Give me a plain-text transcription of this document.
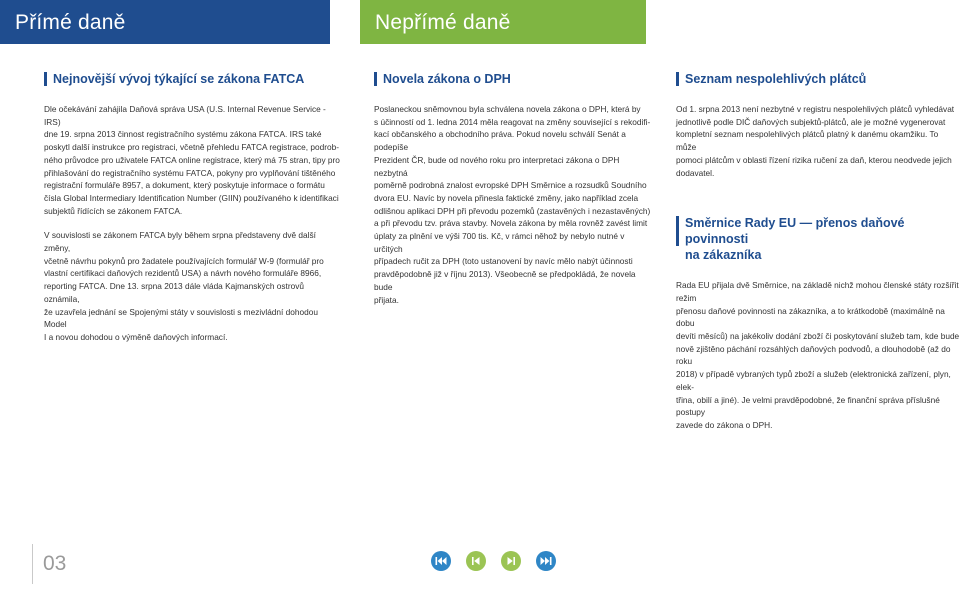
Přímé daně	Nepřímé daně
Nejnovější vývoj týkající se zákona FATCA
Dle očekávání zahájila Daňová správa USA (U.S. Internal Revenue Service - IRS)
dne 19. srpna 2013 činnost registračního systému zákona FATCA. IRS také
poskytl další instrukce pro registraci, včetně přehledu FATCA registrace, podrob-
ného průvodce pro uživatele FATCA online registrace, který má 75 stran, tipy pro
přihlašování do registračního systému FATCA, pokyny pro vyplňování tištěného
registrační formuláře 8957, a dokument, který poskytuje informace o formátu
čísla Global Intermediary Identification Number (GIIN) používaného k identifikaci
subjektů řídících se zákonem FATCA.
V souvislosti se zákonem FATCA byly během srpna představeny dvě další změny,
včetně návrhu pokynů pro žadatele používajících formulář W-9 (formulář pro
vlastní certifikaci daňových rezidentů USA) a návrh nového formuláře 8966,
reporting FATCA. Dne 13. srpna 2013 dále vláda Kajmanských ostrovů oznámila,
že uzavřela jednání se Spojenými státy v souvislosti s mezivládní dohodou Model
I a novou dohodou o výměně daňových informací.
Novela zákona o DPH
Poslaneckou sněmovnou byla schválena novela zákona o DPH, která by
s účinností od 1. ledna 2014 měla reagovat na změny související s rekodifi-
kací občanského a obchodního práva. Pokud novelu schválí Senát a podepíše
Prezident ČR, bude od nového roku pro interpretaci zákona o DPH nezbytná
poměrně podrobná znalost evropské DPH Směrnice a rozsudků Soudního
dvora EU. Navíc by novela přinesla faktické změny, jako například zcela
odlišnou aplikaci DPH při převodu pozemků (zastavěných i nezastavěných)
a při převodu tzv. práva stavby. Novela zákona by měla rovněž zavést limit
úplaty za plnění ve výši 700 tis. Kč, v rámci něhož by nebylo nutné v určitých
případech ručit za DPH (toto ustanovení by navíc mělo nabýt účinnosti
pravděpodobně již v říjnu 2013). Všeobecně se předpokládá, že novela bude
přijata.
Seznam nespolehlivých plátců
Od 1. srpna 2013 není nezbytné v registru nespolehlivých plátců vyhledávat
jednotlivě podle DIČ daňových subjektů-plátců, ale je možné vygenerovat
kompletní seznam nespolehlivých plátců platný k danému okamžiku. To může
pomoci plátcům v oblasti řízení rizika ručení za daň, kterou neodvede jejich
dodavatel.
Směrnice Rady EU — přenos daňové povinnosti
na zákazníka
Rada EU přijala dvě Směrnice, na základě nichž mohou členské státy rozšířit režim
přenosu daňové povinnosti na zákazníka, a to krátkodobě (maximálně na dobu
devíti měsíců) na jakékoliv dodání zboží či poskytování služeb tam, kde bude
nově zjištěno páchání rozsáhlých daňových podvodů, a dlouhodobě (až do roku
2018) v případě vybraných typů zboží a služeb (elektronická zařízení, plyn, elek-
třina, obilí a jiné). Je velmi pravděpodobné, že finanční správa příslušné postupy
zavede do zákona o DPH.
03
